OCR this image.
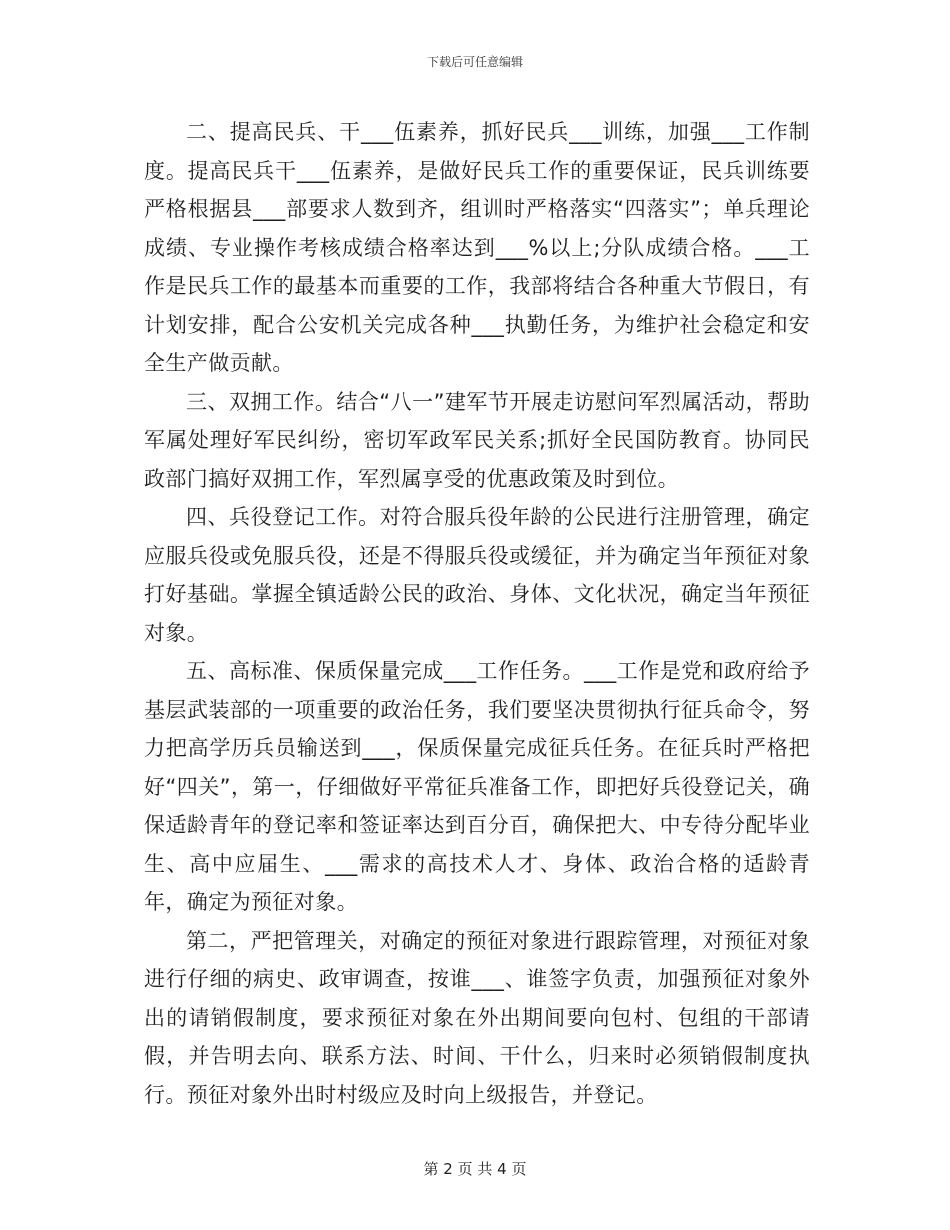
下载后可任意编辑

二、提高民兵、干___伍素养，抓好民兵___训练，加强___工作制度。提高民兵干___伍素养，是做好民兵工作的重要保证，民兵训练要严格根据县___部要求人数到齐，组训时严格落实“四落实”；单兵理论成绩、专业操作考核成绩合格率达到___%以上;分队成绩合格。___工作是民兵工作的最基本而重要的工作，我部将结合各种重大节假日，有计划安排，配合公安机关完成各种___执勤任务，为维护社会稳定和安全生产做贡献。

三、双拥工作。结合“八一”建军节开展走访慰问军烈属活动，帮助军属处理好军民纠纷，密切军政军民关系;抓好全民国防教育。协同民政部门搞好双拥工作，军烈属享受的优惠政策及时到位。

四、兵役登记工作。对符合服兵役年龄的公民进行注册管理，确定应服兵役或免服兵役，还是不得服兵役或缓征，并为确定当年预征对象打好基础。掌握全镇适龄公民的政治、身体、文化状况，确定当年预征对象。

五、高标准、保质保量完成___工作任务。___工作是党和政府给予基层武装部的一项重要的政治任务，我们要坚决贯彻执行征兵命令，努力把高学历兵员输送到___，保质保量完成征兵任务。在征兵时严格把好“四关”，第一，仔细做好平常征兵准备工作，即把好兵役登记关，确保适龄青年的登记率和签证率达到百分百，确保把大、中专待分配毕业生、高中应届生、___需求的高技术人才、身体、政治合格的适龄青年，确定为预征对象。

第二，严把管理关，对确定的预征对象进行跟踪管理，对预征对象进行仔细的病史、政审调查，按谁___、谁签字负责，加强预征对象外出的请销假制度，要求预征对象在外出期间要向包村、包组的干部请假，并告明去向、联系方法、时间、干什么，归来时必须销假制度执行。预征对象外出时村级应及时向上级报告，并登记。

第 2 页 共 4 页
